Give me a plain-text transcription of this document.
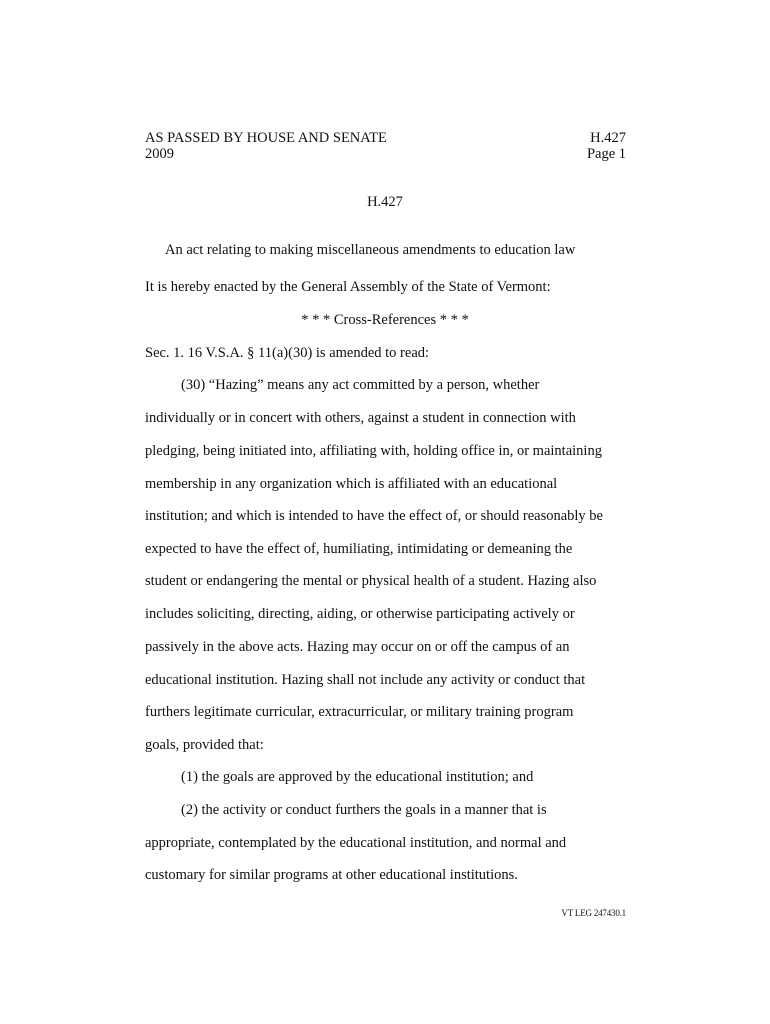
AS PASSED BY HOUSE AND SENATE
2009
H.427
Page 1
H.427
An act relating to making miscellaneous amendments to education law
It is hereby enacted by the General Assembly of the State of Vermont:
* * * Cross-References * * *
Sec. 1. 16 V.S.A. § 11(a)(30) is amended to read:
(30) “Hazing” means any act committed by a person, whether
individually or in concert with others, against a student in connection with
pledging, being initiated into, affiliating with, holding office in, or maintaining
membership in any organization which is affiliated with an educational
institution; and which is intended to have the effect of, or should reasonably be
expected to have the effect of, humiliating, intimidating or demeaning the
student or endangering the mental or physical health of a student. Hazing also
includes soliciting, directing, aiding, or otherwise participating actively or
passively in the above acts. Hazing may occur on or off the campus of an
educational institution. Hazing shall not include any activity or conduct that
furthers legitimate curricular, extracurricular, or military training program
goals, provided that:
(1) the goals are approved by the educational institution; and
(2) the activity or conduct furthers the goals in a manner that is
appropriate, contemplated by the educational institution, and normal and
customary for similar programs at other educational institutions.
VT LEG 247430.1
